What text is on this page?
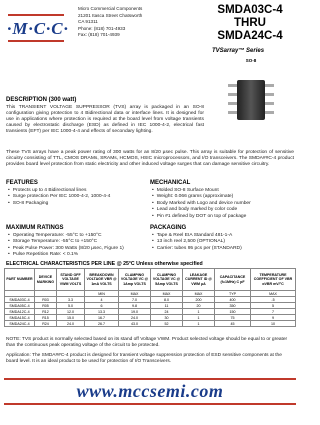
·M·C·C·
Micro Commercial Components
21201 Itasca Street Chatsworth
CA 91311
Phone: (818) 701-4933
Fax: (818) 701-4939
SMDA03C-4
THRU
SMDA24C-4
TVSarray™ Series
SO-8
DESCRIPTION (300 watt)
This TRANSIENT VOLTAGE SUPPRESSOR (TVS) array is packaged in an SO-8 configuration giving protection to 4 Bidirectional data or interface lines. It is designed for use in applications where protection is required at the board level from voltage transients caused by electrostatic discharge (ESD) as defined in IEC 1000-4-2, electrical fast transients (EFT) per IEC 1000-4-4 and effects of secondary lighting.
These TVS arrays have a peak power rating of 300 watts for an 8/20 µsec pulse. This array is suitable for protection of sensitive circuitry consisting of TTL, CMOS DRAMs, SRAMs, HCMOS, HSIC microprocessors, and I/O transceivers. The SMDA##C-4 product provides board level protection from static electricity and other induced voltage surges that can damage sensitive circuitry.
FEATURES
• Protects up to 4 Bidirectional lines
• Surge protection Per IEC 1000-4-2, 1000-4-4
• SO-8 Packaging
MECHANICAL
• Molded SO-8 Surface Mount
• Weight: 0.066 grams (approximate)
• Body Marked with Logo and device number
• Lead and body marked by color code
• Pin #1 defined by DOT on top of package
MAXIMUM RATINGS
• Operating Temperature: -55°C to +150°C
• Storage Temperature: -55°C to +150°C
• Peak Pulse Power: 300 Watts (8/20 µsec, Figure 1)
• Pulse Repetition Rate: < 0.1%
PACKAGING
• Tape & Reel EIA Standard 481-1-A
• 13 inch reel 2,500 (OPTIONAL)
• Carrier: tubes 95 pcs per (STANDARD)
ELECTRICAL CHARACTERISTICS PER LINE @ 25°C Unless otherwise specified
PART NUMBER	DEVICE MARKING	STAND OFF VOLTAGE VWM VOLTS	BREAKDOWN VOLTAGE VBR @ 1mA VOLTS	CLAMPING VOLTAGE VC @ 1Amp VOLTS	CLAMPING VOLTAGE VC @ 5Amp VOLTS	LEAKAGE CURRENT ID @ VWM µA	CAPACITANCE (f=1MHz) C pF	TEMPERATURE COEFFICIENT OF VBR αVBR mV/°C
			MIN	MAX	MAX	MAX	TYP	MAX
SMDA03C-4	R03	3.3	4	7.0	8.0	200	400	-5
SMDA05C-4	R05	5.0	6	9.8	11	20	350	5
SMDA12C-4	R12	12.0	13.3	19.0	24	1	150	7
SMDA15C-4	R15	15.0	16.7	24.0	30	1	75	9
SMDA24C-4	R24	24.0	26.7	43.0	52	1	45	10
NOTE: TVS product is normally selected based on its stand off Voltage VWM. Product selected voltage should be equal to or greater than the continuous peak operating voltage of the circuit to be protected.
Application: The SMDA##C-4 product is designed for transient voltage suppression protection of ESD sensitive components at the board level. It is an ideal product to be used for protection of I/O Transceivers.
www.mccsemi.com
